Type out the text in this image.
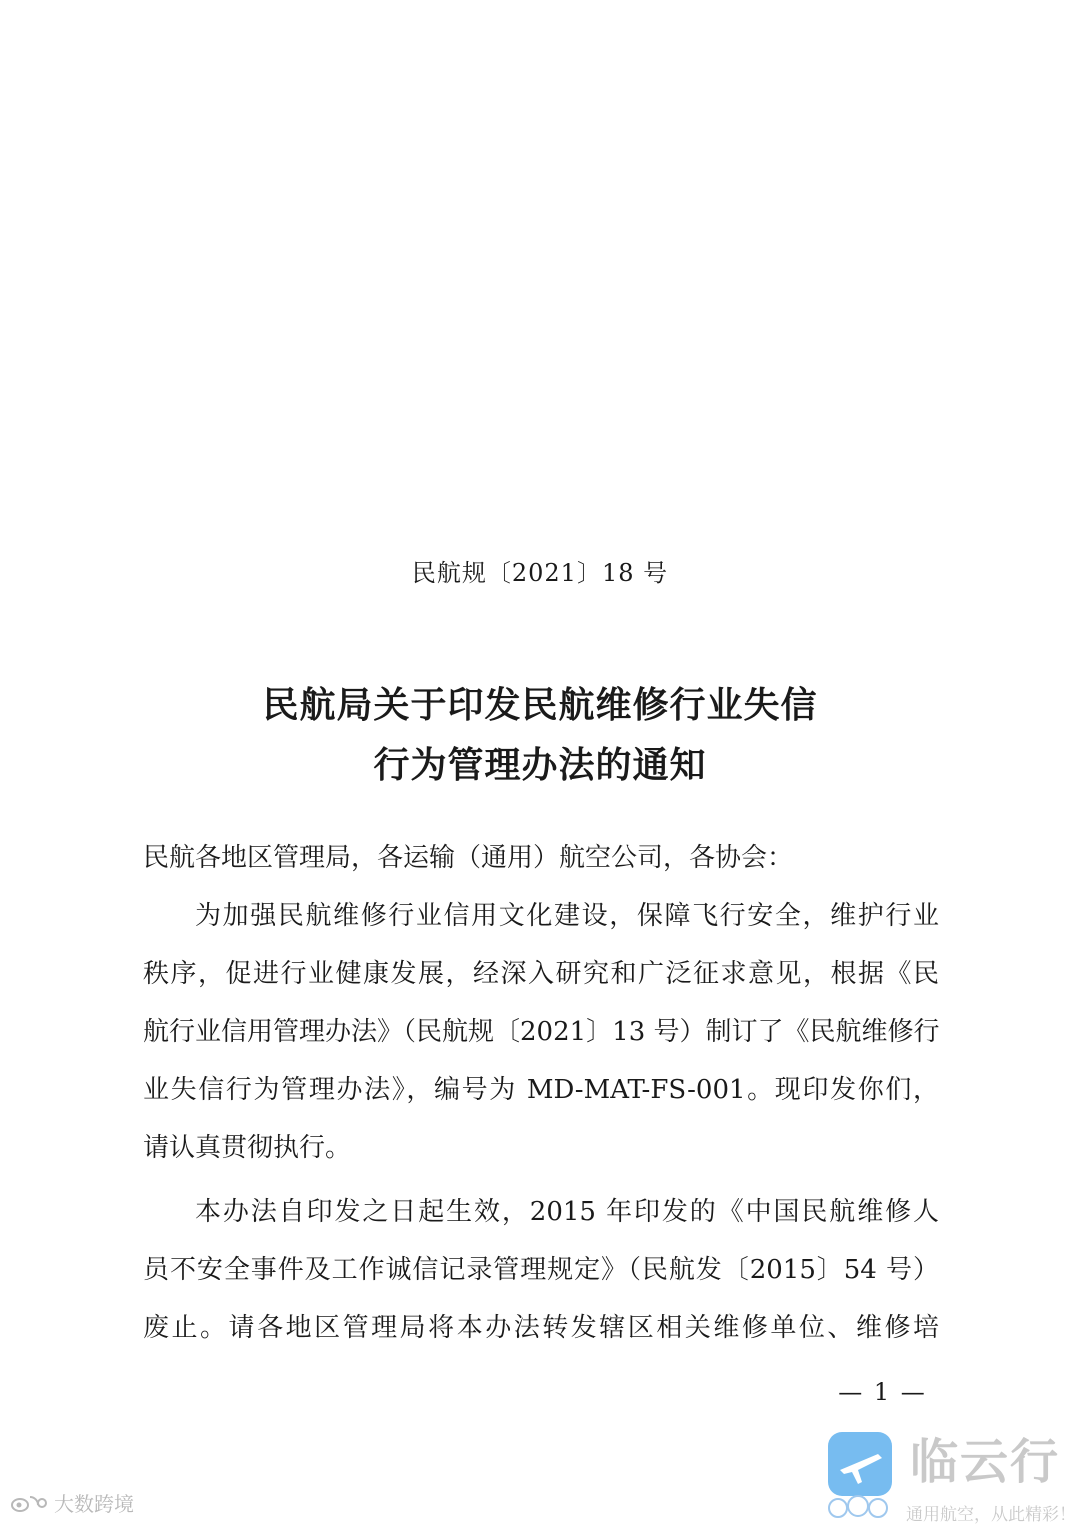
民航规〔2021〕18 号
民航局关于印发民航维修行业失信
行为管理办法的通知

民航各地区管理局，各运输（通用）航空公司，各协会：

为加强民航维修行业信用文化建设，保障飞行安全，维护行业

秩序，促进行业健康发展，经深入研究和广泛征求意见，根据《民

航行业信用管理办法》（民航规〔2021〕13 号）制订了《民航维修行

业失信行为管理办法》，编号为 MD-MAT-FS-001。现印发你们，

请认真贯彻执行。

本办法自印发之日起生效，2015 年印发的《中国民航维修人

员不安全事件及工作诚信记录管理规定》（民航发〔2015〕54 号）

废止。请各地区管理局将本办法转发辖区相关维修单位、维修培

— 1 —
大数跨境
临云行
通用航空，从此精彩！
